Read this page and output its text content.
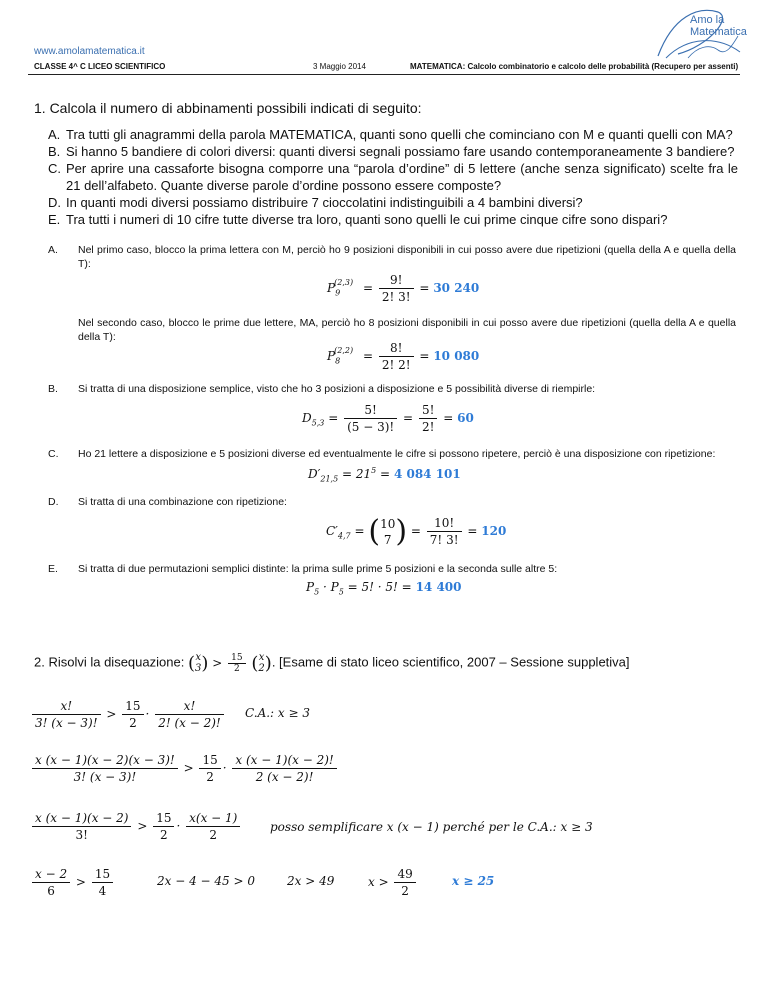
www.amolamatematica.it
Amo la
Matematica
CLASSE 4^ C LICEO SCIENTIFICO	3 Maggio 2014	MATEMATICA: Calcolo combinatorio e calcolo delle probabilità (Recupero per assenti)
1. Calcola il numero di abbinamenti possibili indicati di seguito:
A. Tra tutti gli anagrammi della parola MATEMATICA, quanti sono quelli che cominciano con M e quanti quelli con MA?
B. Si hanno 5 bandiere di colori diversi: quanti diversi segnali possiamo fare usando contemporaneamente 3 bandiere?
C. Per aprire una cassaforte bisogna comporre una “parola d’ordine” di 5 lettere (anche senza significato) scelte fra le 21 dell’alfabeto. Quante diverse parole d’ordine possono essere composte?
D. In quanti modi diversi possiamo distribuire 7 cioccolatini indistinguibili a 4 bambini diversi?
E. Tra tutti i numeri di 10 cifre tutte diverse tra loro, quanti sono quelli le cui prime cinque cifre sono dispari?
A.	Nel primo caso, blocco la prima lettera con M, perciò ho 9 posizioni disponibili in cui posso avere due ripetizioni (quella della A e quella della T):
$P_9^{(2,3)} = \frac{9!}{2! 3!} = 30$ 240
Nel secondo caso, blocco le prime due lettere, MA, perciò ho 8 posizioni disponibili in cui posso avere due ripetizioni (quella della A e quella della T):
$P_8^{(2,2)} = \frac{8!}{2! 2!} = 10$ 080
B.	Si tratta di una disposizione semplice, visto che ho 3 posizioni a disposizione e 5 possibilità diverse di riempirle:
$D_{5,3} = \frac{5!}{(5 - 3)!} = \frac{5!}{2!} = 60$
C.	Ho 21 lettere a disposizione e 5 posizioni diverse ed eventualmente le cifre si possono ripetere, perciò è una disposizione con ripetizione:
$D'_{21,5} = 21^5 = 4$ 084 101
D.	Si tratta di una combinazione con ripetizione:
$C'_{4,7} = (10$
7 ) = $\frac{10!}{7! 3!} = 120$
E.	Si tratta di due permutazioni semplici distinte: la prima sulle prime 5 posizioni e la seconda sulle altre 5:
$P_5 \cdot P_5 = 5$! · 5! = 14 400
2. Risolvi la disequazione: (x
$3) > \frac{15}{2} (x$
2). [Esame di stato liceo scientifico, 2007 – Sessione suppletiva]
$\frac{x!}{3! (x - 3)!} > \frac{15}{2} \cdot \frac{x!}{2! (x - 2)!} C.A$.: x ≥ 3
$\frac{x (x - 1)(x - 2)(x - 3)!}{3! (x - 3)!} > \frac{15}{2} \cdot \frac{x (x - 1)(x - 2)!}{2 (x - 2)!}$
$\frac{x (x - 1)(x - 2)}{3!} > \frac{15}{2} \cdot \frac{x(x - 1)}{2}$ posso semplificare x (x − 1) perché per le C.A.: x ≥ 3
$\frac{x - 2}{6} > \frac{15}{4}$	2x − 4 − 45 > 0	2x > 49	$x > \frac{49}{2}$	x ≥ 25
